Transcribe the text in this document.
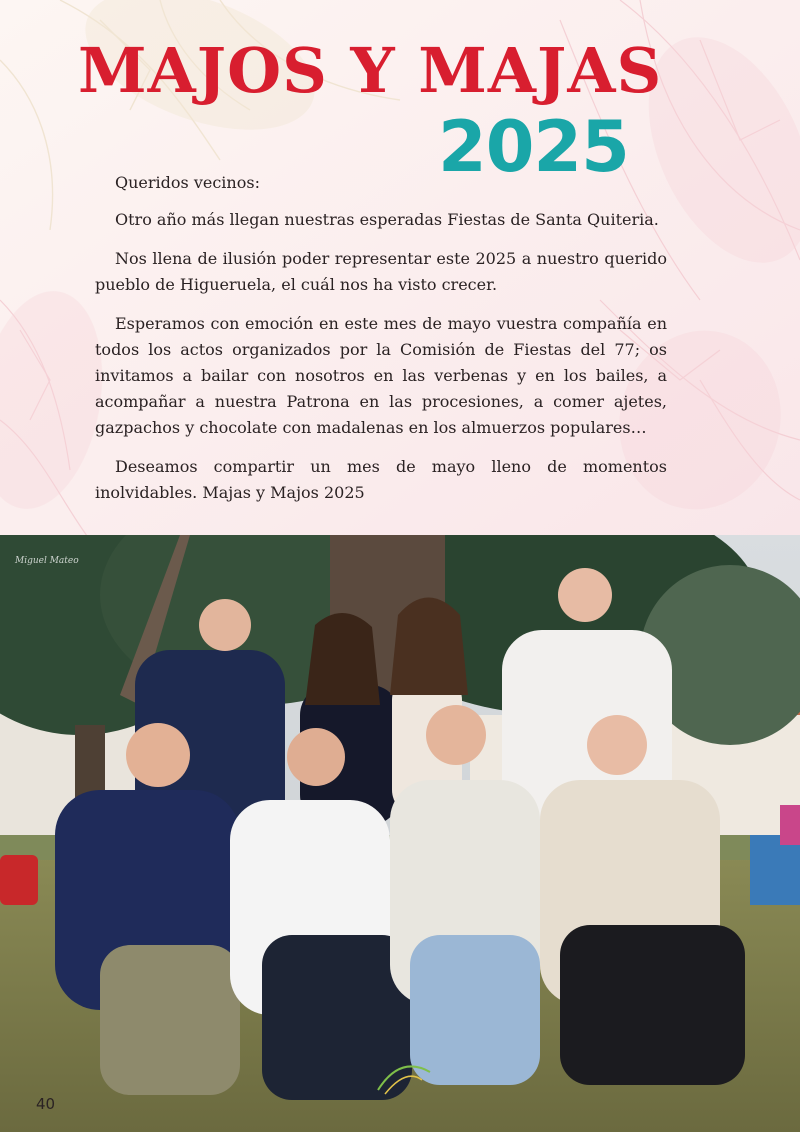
MAJOS Y MAJAS
2025

Queridos vecinos:

Otro año más llegan nuestras esperadas Fiestas de Santa Quiteria.

Nos llena de ilusión poder representar este 2025 a nuestro querido pueblo de Higueruela, el cuál nos ha visto crecer.

Esperamos con emoción en este mes de mayo vuestra compañía en todos los actos organizados por la Comisión de Fiestas del 77; os invitamos a bailar con nosotros en las verbenas y en los bailes, a acompañar a nuestra Patrona en las procesiones, a comer ajetes, gazpachos y chocolate con madalenas en los almuerzos populares…

Deseamos compartir un mes de mayo lleno de momentos inolvidables. Majas y Majos 2025

Miguel Mateo
40
